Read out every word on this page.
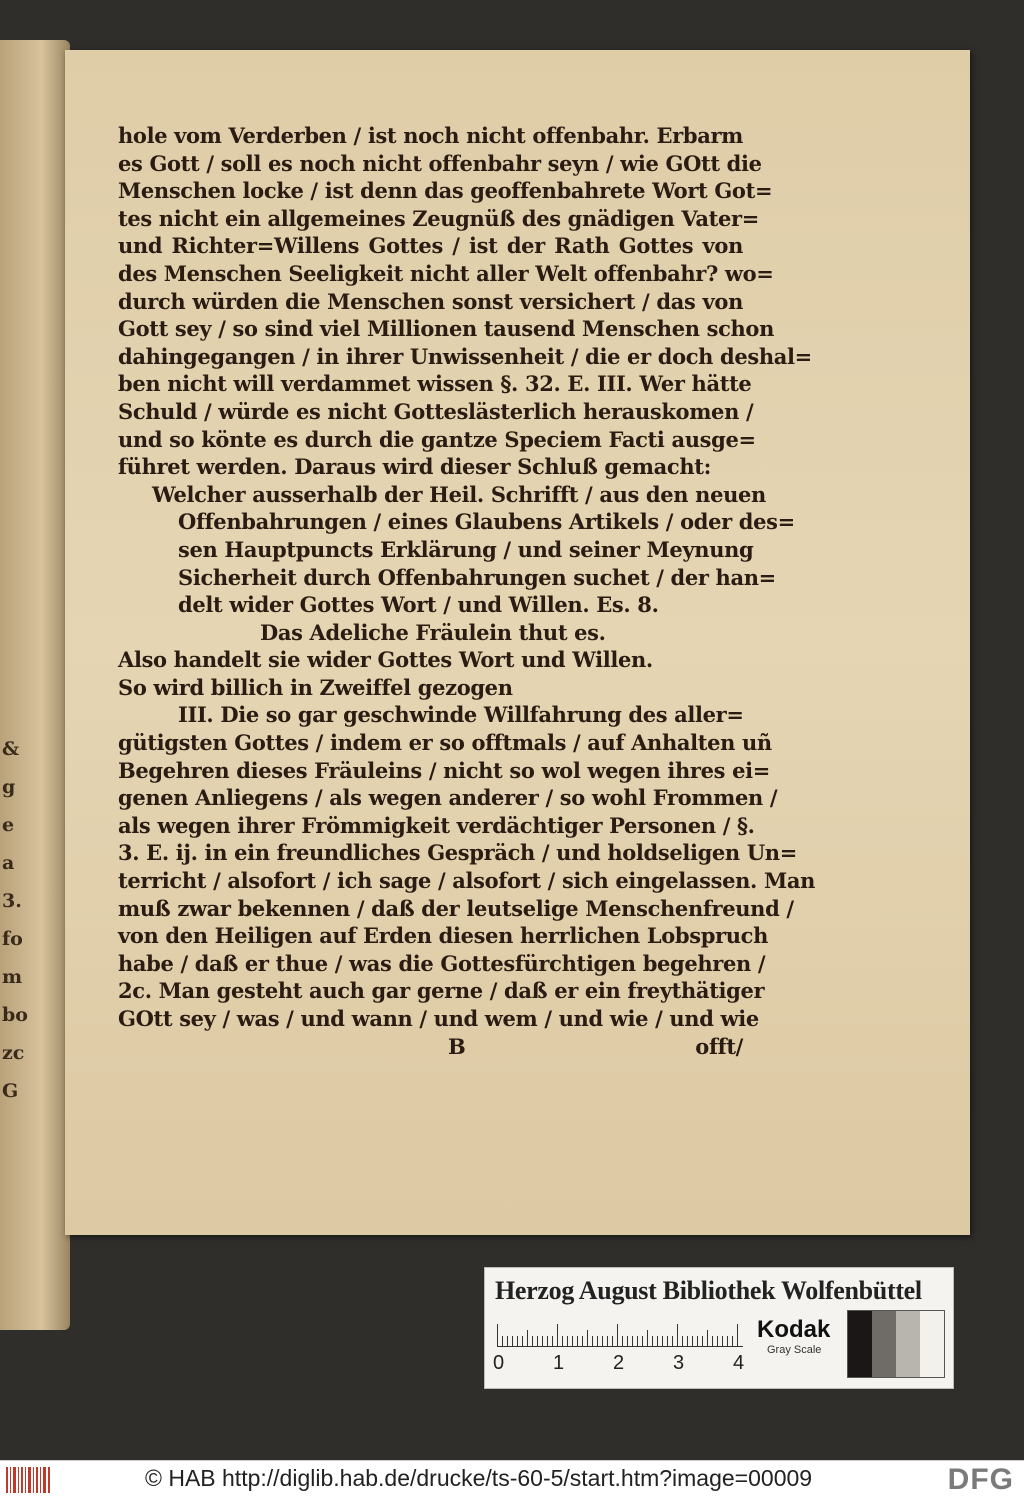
&
g
e
a
3.
fo
m
bo
zc
G
hole vom Verderben / ist noch nicht offenbahr. Erbarm
es Gott / soll es noch nicht offenbahr seyn / wie GOtt die
Menschen locke / ist denn das geoffenbahrete Wort Got=
tes nicht ein allgemeines Zeugnüß des gnädigen Vater=
und Richter=Willens Gottes / ist der Rath Gottes von
des Menschen Seeligkeit nicht aller Welt offenbahr? wo=
durch würden die Menschen sonst versichert / das von
Gott sey / so sind viel Millionen tausend Menschen schon
dahingegangen / in ihrer Unwissenheit / die er doch deshal=
ben nicht will verdammet wissen §. 32. E. III. Wer hätte
Schuld / würde es nicht Gotteslästerlich herauskomen /
und so könte es durch die gantze Speciem Facti ausge=
führet werden. Daraus wird dieser Schluß gemacht:
Welcher ausserhalb der Heil. Schrifft / aus den neuen
Offenbahrungen / eines Glaubens Artikels / oder des=
sen Hauptpuncts Erklärung / und seiner Meynung
Sicherheit durch Offenbahrungen suchet / der han=
delt wider Gottes Wort / und Willen. Es. 8.
Das Adeliche Fräulein thut es.
Also handelt sie wider Gottes Wort und Willen.
So wird billich in Zweiffel gezogen
III. Die so gar geschwinde Willfahrung des aller=
gütigsten Gottes / indem er so offtmals / auf Anhalten uñ
Begehren dieses Fräuleins / nicht so wol wegen ihres ei=
genen Anliegens / als wegen anderer / so wohl Frommen /
als wegen ihrer Frömmigkeit verdächtiger Personen / §.
3. E. ij. in ein freundliches Gespräch / und holdseligen Un=
terricht / alsofort / ich sage / alsofort / sich eingelassen. Man
muß zwar bekennen / daß der leutselige Menschenfreund /
von den Heiligen auf Erden diesen herrlichen Lobspruch
habe / daß er thue / was die Gottesfürchtigen begehren /
2c. Man gesteht auch gar gerne / daß er ein freythätiger
GOtt sey / was / und wann / und wem / und wie / und wie
B	offt/
Herzog August Bibliothek Wolfenbüttel
0 1 2 3 4
Kodak
Gray Scale
© HAB http://diglib.hab.de/drucke/ts-60-5/start.htm?image=00009	DFG
